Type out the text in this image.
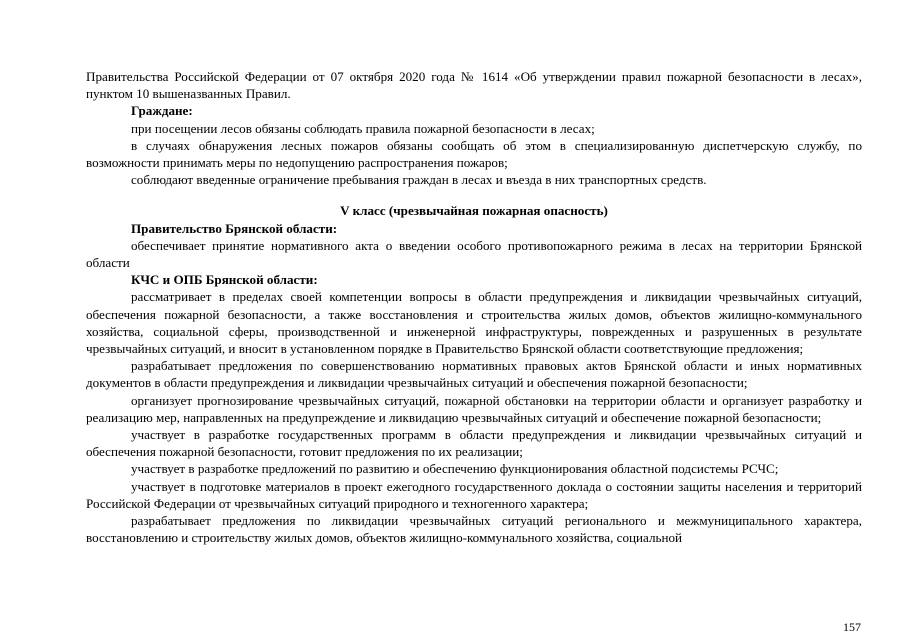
Правительства Российской Федерации от 07 октября 2020 года № 1614 «Об утверждении правил пожарной безопасности в лесах», пунктом 10 вышеназванных Правил.

Граждане:

при посещении лесов обязаны соблюдать правила пожарной безопасности в лесах;

в случаях обнаружения лесных пожаров обязаны сообщать об этом в специализированную диспетчерскую службу, по возможности принимать меры по недопущению распространения пожаров;

соблюдают введенные ограничение пребывания граждан в лесах и въезда в них транспортных средств.

V класс (чрезвычайная пожарная опасность)

Правительство Брянской области:

обеспечивает принятие нормативного акта о введении особого противопожарного режима в лесах на территории Брянской области

КЧС и ОПБ Брянской области:

рассматривает в пределах своей компетенции вопросы в области предупреждения и ликвидации чрезвычайных ситуаций, обеспечения пожарной безопасности, а также восстановления и строительства жилых домов, объектов жилищно-коммунального хозяйства, социальной сферы, производственной и инженерной инфраструктуры, поврежденных и разрушенных в результате чрезвычайных ситуаций, и вносит в установленном порядке в Правительство Брянской области соответствующие предложения;

разрабатывает предложения по совершенствованию нормативных правовых актов Брянской области и иных нормативных документов в области предупреждения и ликвидации чрезвычайных ситуаций и обеспечения пожарной безопасности;

организует прогнозирование чрезвычайных ситуаций, пожарной обстановки на территории области и организует разработку и реализацию мер, направленных на предупреждение и ликвидацию чрезвычайных ситуаций и обеспечение пожарной безопасности;

участвует в разработке государственных программ в области предупреждения и ликвидации чрезвычайных ситуаций и обеспечения пожарной безопасности, готовит предложения по их реализации;

участвует в разработке предложений по развитию и обеспечению функционирования областной подсистемы РСЧС;

участвует в подготовке материалов в проект ежегодного государственного доклада о состоянии защиты населения и территорий Российской Федерации от чрезвычайных ситуаций природного и техногенного характера;

разрабатывает предложения по ликвидации чрезвычайных ситуаций регионального и межмуниципального характера, восстановлению и строительству жилых домов, объектов жилищно-коммунального хозяйства, социальной

157
